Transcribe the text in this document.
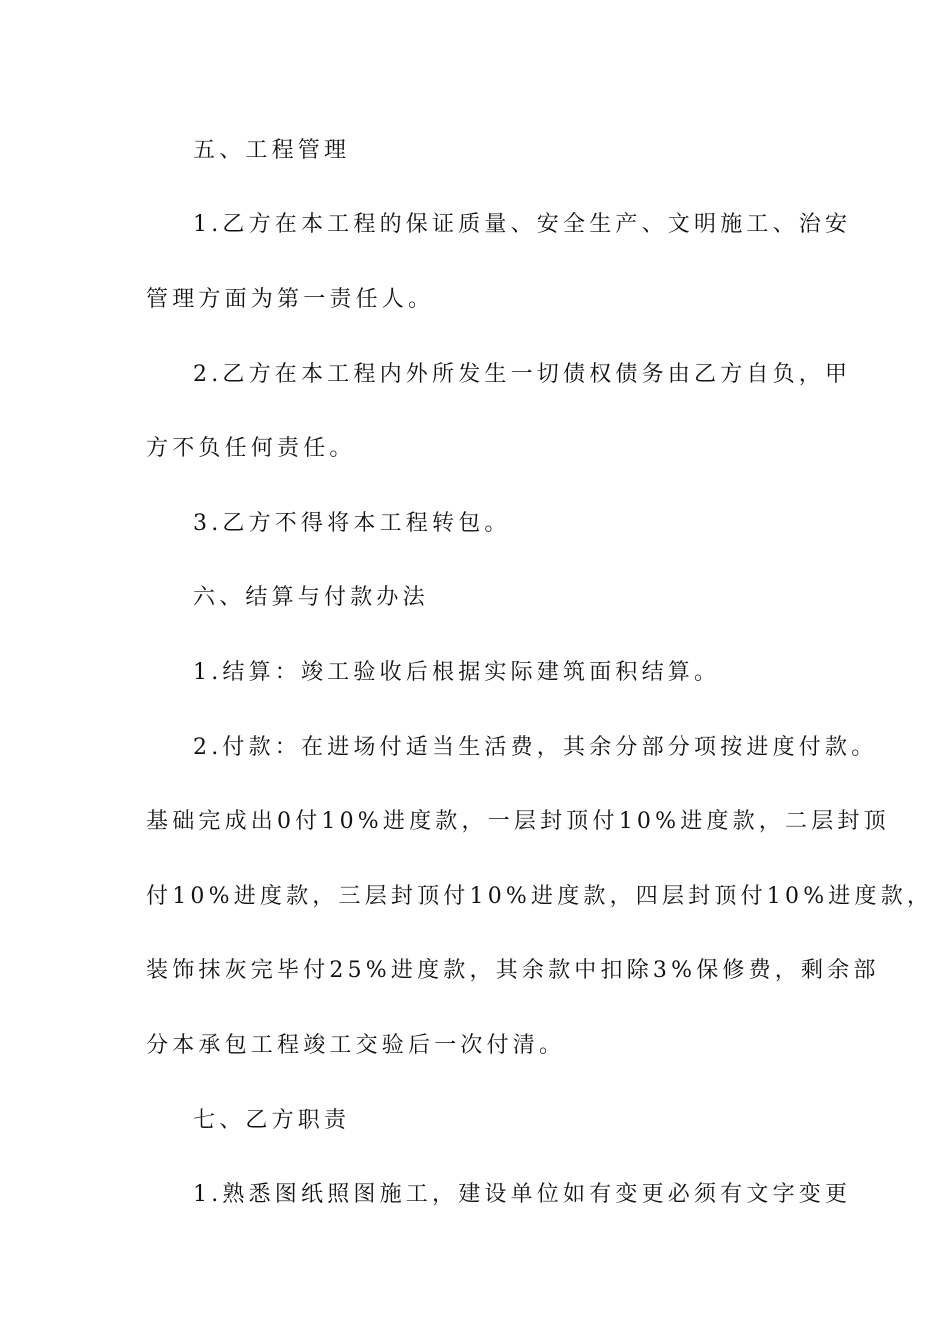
五、工程管理
1.乙方在本工程的保证质量、安全生产、文明施工、治安
管理方面为第一责任人。
2.乙方在本工程内外所发生一切债权债务由乙方自负，甲
方不负任何责任。
3.乙方不得将本工程转包。
六、结算与付款办法
1.结算：竣工验收后根据实际建筑面积结算。
2.付款：在进场付适当生活费，其余分部分项按进度付款。
基础完成出0付10%进度款，一层封顶付10%进度款，二层封顶
付10%进度款，三层封顶付10%进度款，四层封顶付10%进度款，
装饰抹灰完毕付25%进度款，其余款中扣除3%保修费，剩余部
分本承包工程竣工交验后一次付清。
七、乙方职责
1.熟悉图纸照图施工，建设单位如有变更必须有文字变更
